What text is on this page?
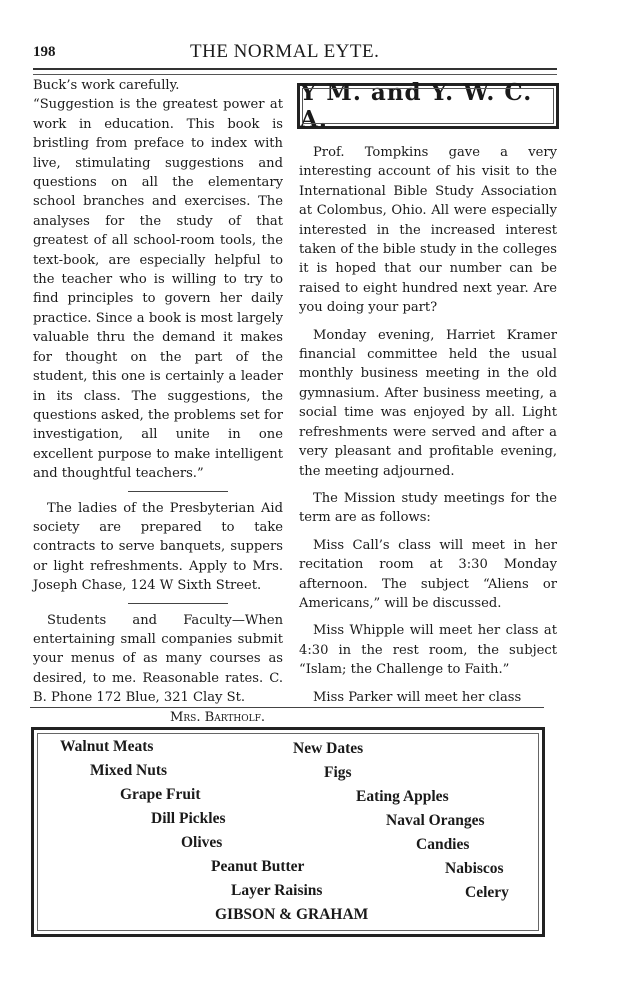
198	THE NORMAL EYTE.

Buck’s work carefully.

“Suggestion is the greatest power at work in education. This book is bristling from preface to index with live, stimulating suggestions and questions on all the elementary school branches and exercises. The analyses for the study of that greatest of all school-room tools, the text-book, are especially helpful to the teacher who is willing to try to find principles to govern her daily practice. Since a book is most largely valuable thru the demand it makes for thought on the part of the student, this one is certainly a leader in its class. The suggestions, the questions asked, the problems set for investigation, all unite in one excellent purpose to make intelligent and thoughtful teachers.”

The ladies of the Presbyterian Aid society are prepared to take contracts to serve banquets, suppers or light refreshments. Apply to Mrs. Joseph Chase, 124 W Sixth Street.

Students and Faculty—When entertaining small companies submit your menus of as many courses as desired, to me. Reasonable rates. C. B. Phone 172 Blue, 321 Clay St.

Mrs. Bartholf.

Y M. and Y. W. C. A.

Prof. Tompkins gave a very interesting account of his visit to the International Bible Study Association at Colombus, Ohio. All were especially interested in the increased interest taken of the bible study in the colleges it is hoped that our number can be raised to eight hundred next year. Are you doing your part?

Monday evening, Harriet Kramer financial committee held the usual monthly business meeting in the old gymnasium. After business meeting, a social time was enjoyed by all. Light refreshments were served and after a very pleasant and profitable evening, the meeting adjourned.

The Mission study meetings for the term are as follows:

Miss Call’s class will meet in her recitation room at 3:30 Monday afternoon. The subject “Aliens or Americans,” will be discussed.

Miss Whipple will meet her class at 4:30 in the rest room, the subject “Islam; the Challenge to Faith.”

Miss Parker will meet her class

Walnut Meats
Mixed Nuts
Grape Fruit
Dill Pickles
Olives
Peanut Butter
Layer Raisins
New Dates
Figs
Eating Apples
Naval Oranges
Candies
Nabiscos
Celery
GIBSON & GRAHAM
